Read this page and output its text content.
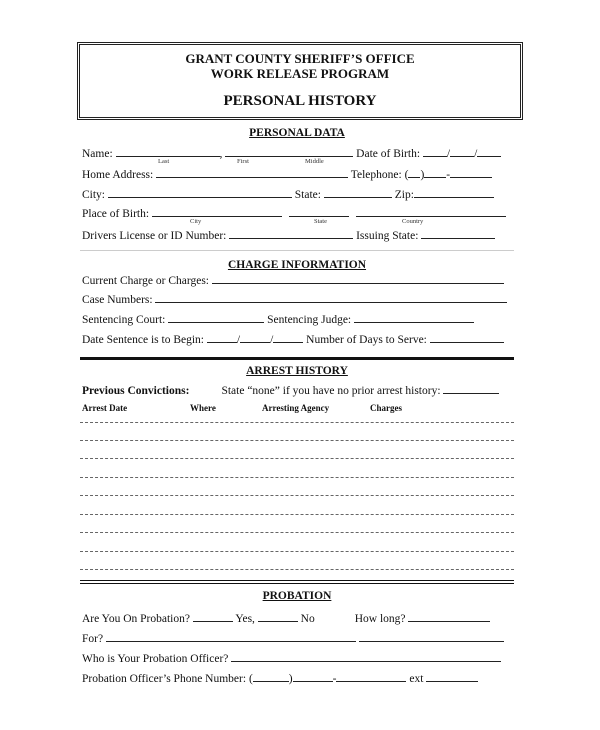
GRANT COUNTY SHERIFF’S OFFICE
WORK RELEASE PROGRAM
PERSONAL HISTORY
PERSONAL DATA
Name:	,	Date of Birth: / /
Last	First	Middle
Home Address:	Telephone: ( ) -
City:	State:	Zip:
Place of Birth:
City	State	Country
Drivers License or ID Number:	Issuing State:
CHARGE INFORMATION
Current Charge or Charges:
Case Numbers:
Sentencing Court:	Sentencing Judge:
Date Sentence is to Begin:	/	/	Number of Days to Serve:
ARREST HISTORY
Previous Convictions:	State “none” if you have no prior arrest history:
Arrest Date	Where	Arresting Agency	Charges
PROBATION
Are You On Probation?	Yes,	No	How long?
For?
Who is Your Probation Officer?
Probation Officer’s Phone Number: (	)	-	ext
